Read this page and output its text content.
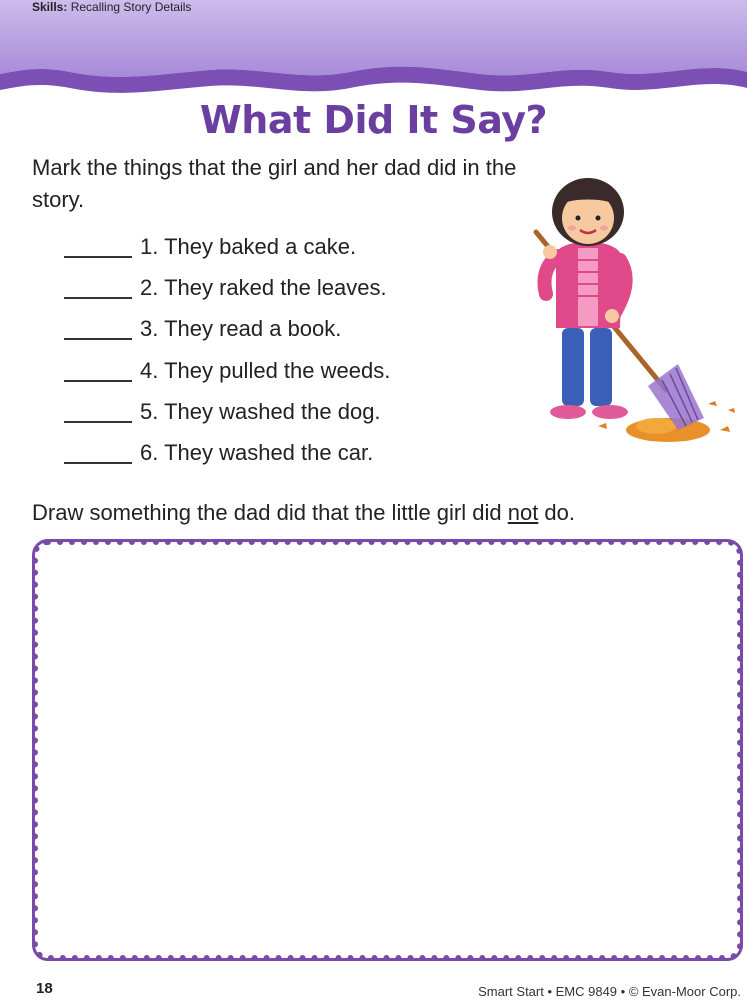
Skills: Recalling Story Details
What Did It Say?
Mark the things that the girl and her dad did in the story.
1. They baked a cake.
2. They raked the leaves.
3. They read a book.
4. They pulled the weeds.
5. They washed the dog.
6. They washed the car.
Draw something the dad did that the little girl did not do.
18	Smart Start • EMC 9849 • © Evan-Moor Corp.
